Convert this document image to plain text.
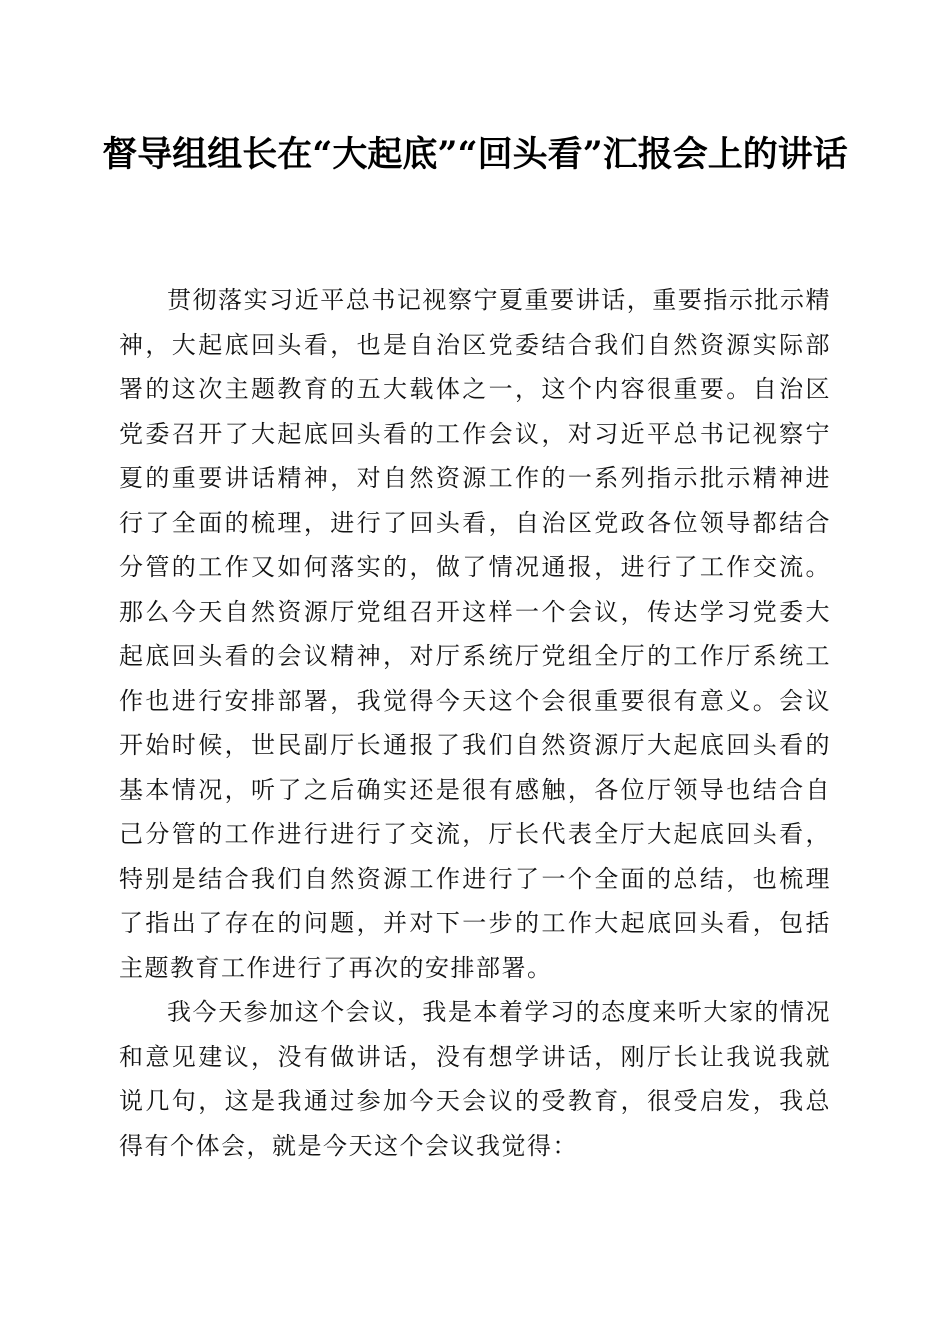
督导组组长在“大起底”“回头看”汇报会上的讲话

贯彻落实习近平总书记视察宁夏重要讲话，重要指示批示精神，大起底回头看，也是自治区党委结合我们自然资源实际部署的这次主题教育的五大载体之一，这个内容很重要。自治区党委召开了大起底回头看的工作会议，对习近平总书记视察宁夏的重要讲话精神，对自然资源工作的一系列指示批示精神进行了全面的梳理，进行了回头看，自治区党政各位领导都结合分管的工作又如何落实的，做了情况通报，进行了工作交流。那么今天自然资源厅党组召开这样一个会议，传达学习党委大起底回头看的会议精神，对厅系统厅党组全厅的工作厅系统工作也进行安排部署，我觉得今天这个会很重要很有意义。会议开始时候，世民副厅长通报了我们自然资源厅大起底回头看的基本情况，听了之后确实还是很有感触，各位厅领导也结合自己分管的工作进行进行了交流，厅长代表全厅大起底回头看，特别是结合我们自然资源工作进行了一个全面的总结，也梳理了指出了存在的问题，并对下一步的工作大起底回头看，包括主题教育工作进行了再次的安排部署。

我今天参加这个会议，我是本着学习的态度来听大家的情况和意见建议，没有做讲话，没有想学讲话，刚厅长让我说我就说几句，这是我通过参加今天会议的受教育，很受启发，我总得有个体会，就是今天这个会议我觉得：
